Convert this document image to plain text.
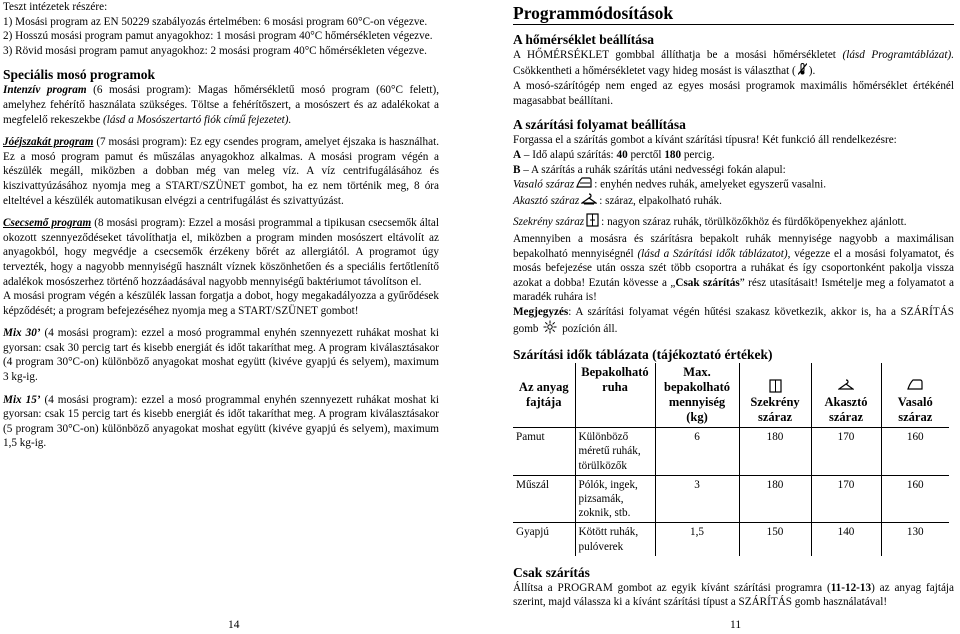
Teszt intézetek részére:

1) Mosási program az EN 50229 szabályozás értelmében: 6 mosási program 60°C-on végezve.

2) Hosszú mosási program pamut anyagokhoz: 1 mosási program 40°C hőmérsékleten végezve.

3) Rövid mosási program pamut anyagokhoz: 2 mosási program 40°C hőmérsékleten végezve.

Speciális mosó programok

Intenzív program (6 mosási program): Magas hőmérsékletű mosó program (60°C felett), amelyhez fehérítő használata szükséges. Töltse a fehérítőszert, a mosószert és az adalékokat a megfelelő rekeszekbe (lásd a Mosószertartó fiók című fejezetet).

Jóéjszakát program (7 mosási program): Ez egy csendes program, amelyet éjszaka is használhat. Ez a mosó program pamut és műszálas anyagokhoz alkalmas. A mosási program végén a készülék megáll, miközben a dobban még van meleg víz. A víz centrifugálásához és kiszivattyúzásához nyomja meg a START/SZÜNET gombot, ha ez nem történik meg, 8 óra elteltével a készülék automatikusan elvégzi a centrifugálást és szivattyúzást.

Csecsemő program (8 mosási program): Ezzel a mosási programmal a tipikusan csecsemők által okozott szennyeződéseket távolíthatja el, miközben a program minden mosószert eltávolít az anyagokból, hogy megvédje a csecsemők érzékeny bőrét az allergiától. A programot úgy tervezték, hogy a nagyobb mennyiségű használt víznek köszönhetően és a speciális fertőtlenítő adalékok mosószerhez történő hozzáadásával nagyobb mennyiségű baktériumot távolítson el.

A mosási program végén a készülék lassan forgatja a dobot, hogy megakadályozza a gyűrődések képződését; a program befejezéséhez nyomja meg a START/SZÜNET gombot!

Mix 30’ (4 mosási program): ezzel a mosó programmal enyhén szennyezett ruhákat moshat ki gyorsan: csak 30 percig tart és kisebb energiát és időt takaríthat meg. A program kiválasztásakor (4 program 30°C-on) különböző anyagokat moshat együtt (kivéve gyapjú és selyem), maximum 3 kg-ig.

Mix 15’ (4 mosási program): ezzel a mosó programmal enyhén szennyezett ruhákat moshat ki gyorsan: csak 15 percig tart és kisebb energiát és időt takaríthat meg. A program kiválasztásakor (5 program 30°C-on) különböző anyagokat moshat együtt (kivéve gyapjú és selyem), maximum 1,5 kg-ig.

14
Programmódosítások
A hőmérséklet beállítása

A HŐMÉRSÉKLET gombbal állíthatja be a mosási hőmérsékletet (lásd Programtáblázat). Csökkentheti a hőmérsékletet vagy hideg mosást is választhat ( ).

A mosó-szárítógép nem enged az egyes mosási programok maximális hőmérséklet értékénél magasabbat beállítani.

A szárítási folyamat beállítása

Forgassa el a szárítás gombot a kívánt szárítási típusra! Két funkció áll rendelkezésre:

A – Idő alapú szárítás: 40 perctől 180 percig.

B – A szárítás a ruhák szárítás utáni nedvességi fokán alapul:

Vasaló száraz : enyhén nedves ruhák, amelyeket egyszerű vasalni.

Akasztó száraz : száraz, elpakolható ruhák.

Szekrény száraz : nagyon száraz ruhák, törülközőkhöz és fürdőköpenyekhez ajánlott.

Amennyiben a mosásra és szárításra bepakolt ruhák mennyisége nagyobb a maximálisan bepakolható mennyiségnél (lásd a Szárítási idők táblázatot), végezze el a mosási folyamatot, és mosás befejezése után ossza szét több csoportra a ruhákat és így csoportonként pakolja vissza azokat a dobba! Ezután kövesse a „Csak szárítás” rész utasításait! Ismételje meg a folyamatot a maradék ruhára is!

Megjegyzés: A szárítási folyamat végén hűtési szakasz következik, akkor is, ha a SZÁRÍTÁS gomb  pozíción áll.

Szárítási idők táblázata (tájékoztató értékek)
Az anyag fajtája	Bepakolható ruha	Max. bepakolható mennyiség (kg)	Szekrény száraz	Akasztó száraz	Vasaló száraz
Pamut	Különböző méretű ruhák, törülközők	6	180	170	160
Műszál	Pólók, ingek, pizsamák, zoknik, stb.	3	180	170	160
Gyapjú	Kötött ruhák, pulóverek	1,5	150	140	130
Csak szárítás

Állítsa a PROGRAM gombot az egyik kívánt szárítási programra (11-12-13) az anyag fajtája szerint, majd válassza ki a kívánt szárítási típust a SZÁRÍTÁS gomb használatával!

11
